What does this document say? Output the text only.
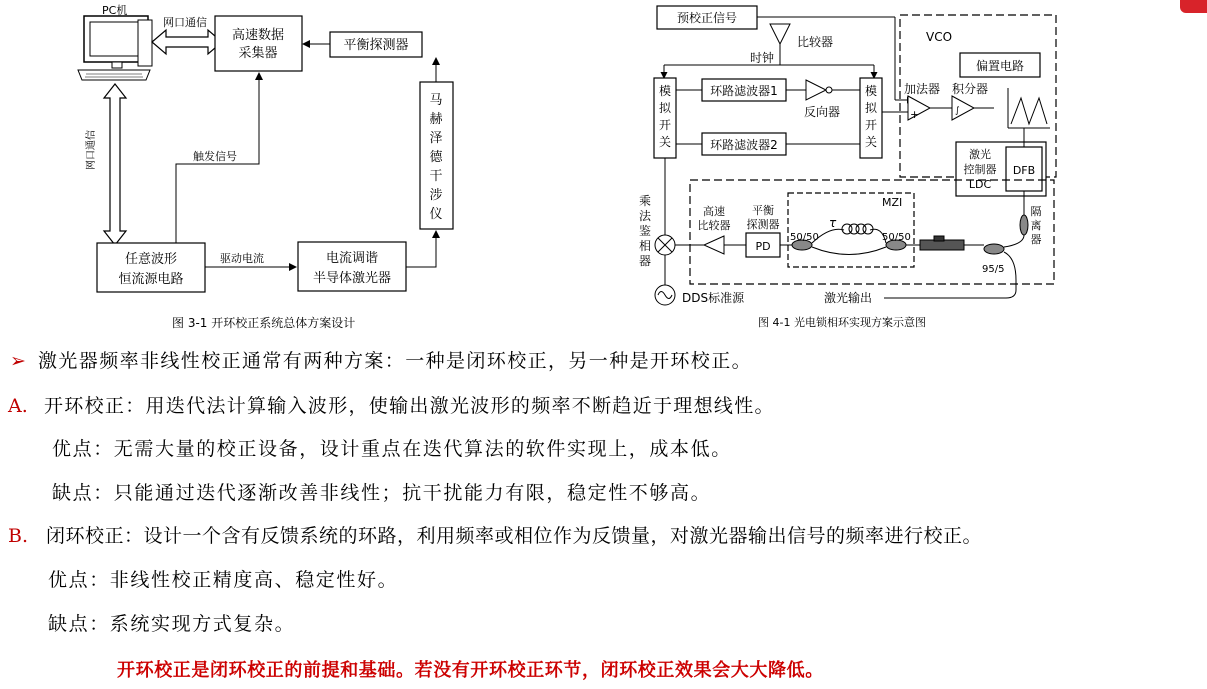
PC机
网口通信
高速数据
采集器
平衡探测器
马
赫
泽
德
干
涉
仪
网口通信
任意波形
恒流源电路
触发信号
电流调谐
半导体激光器
驱动电流
图 3-1 开环校正系统总体方案设计
预校正信号
比较器
时钟
VCO
模
拟
开
关
模
拟
开
关
环路滤波器1
环路滤波器2
反向器	+
加法器
∫
积分器
偏置电路
激光
控制器
LDC
DFB
隔
离
器
MZI
乘
法
鉴
相
器
DDS标准源
高速
比较器
平衡
探测器
PD
50/50	50/50
τ
95/5
激光输出
图 4-1 光电锁相环实现方案示意图
➢ 激光器频率非线性校正通常有两种方案：一种是闭环校正，另一种是开环校正。
A. 开环校正：用迭代法计算输入波形，使输出激光波形的频率不断趋近于理想线性。
优点：无需大量的校正设备，设计重点在迭代算法的软件实现上，成本低。
缺点：只能通过迭代逐渐改善非线性；抗干扰能力有限，稳定性不够高。
B. 闭环校正：设计一个含有反馈系统的环路，利用频率或相位作为反馈量，对激光器输出信号的频率进行校正。
优点：非线性校正精度高、稳定性好。
缺点：系统实现方式复杂。
开环校正是闭环校正的前提和基础。若没有开环校正环节，闭环校正效果会大大降低。
